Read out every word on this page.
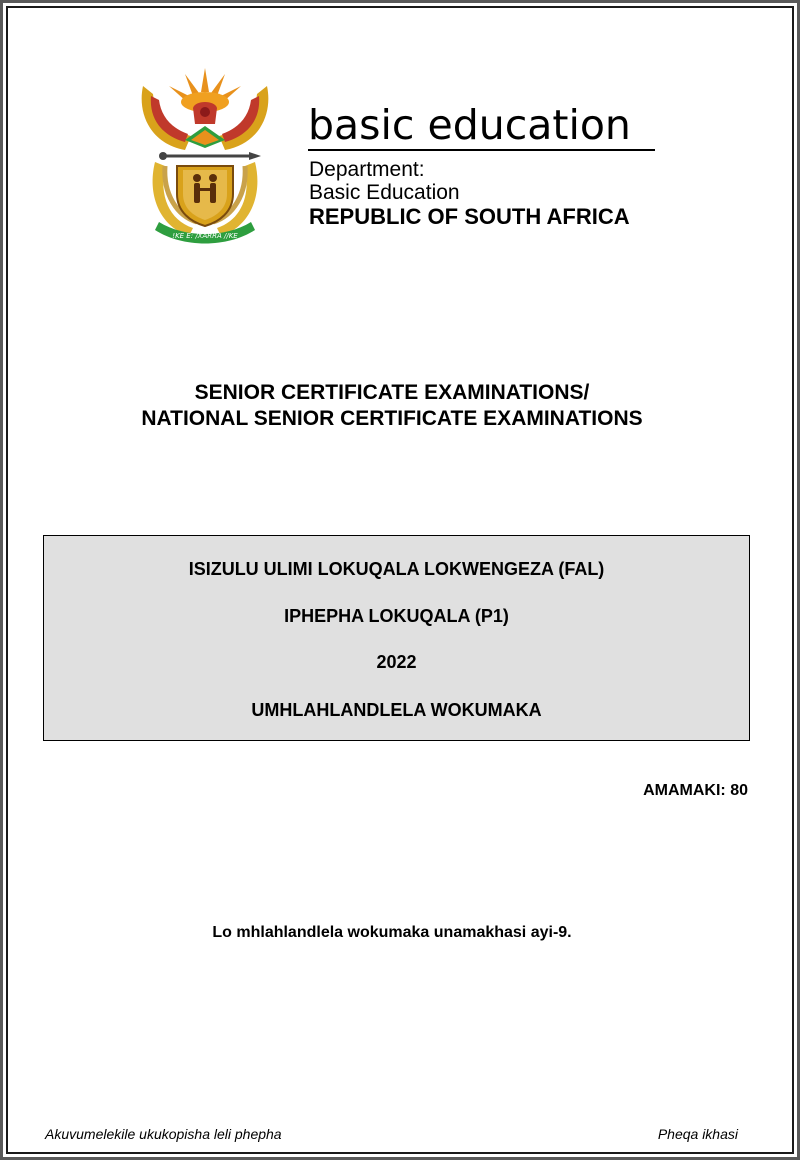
!KE E: /XARRA //KE
basic education
Department:
Basic Education
REPUBLIC OF SOUTH AFRICA
SENIOR CERTIFICATE EXAMINATIONS/
NATIONAL SENIOR CERTIFICATE EXAMINATIONS
ISIZULU ULIMI LOKUQALA LOKWENGEZA (FAL)
IPHEPHA LOKUQALA (P1)
2022
UMHLAHLANDLELA WOKUMAKA
AMAMAKI: 80
Lo mhlahlandlela wokumaka unamakhasi ayi-9.
Akuvumelekile ukukopisha leli phepha	Pheqa ikhasi
